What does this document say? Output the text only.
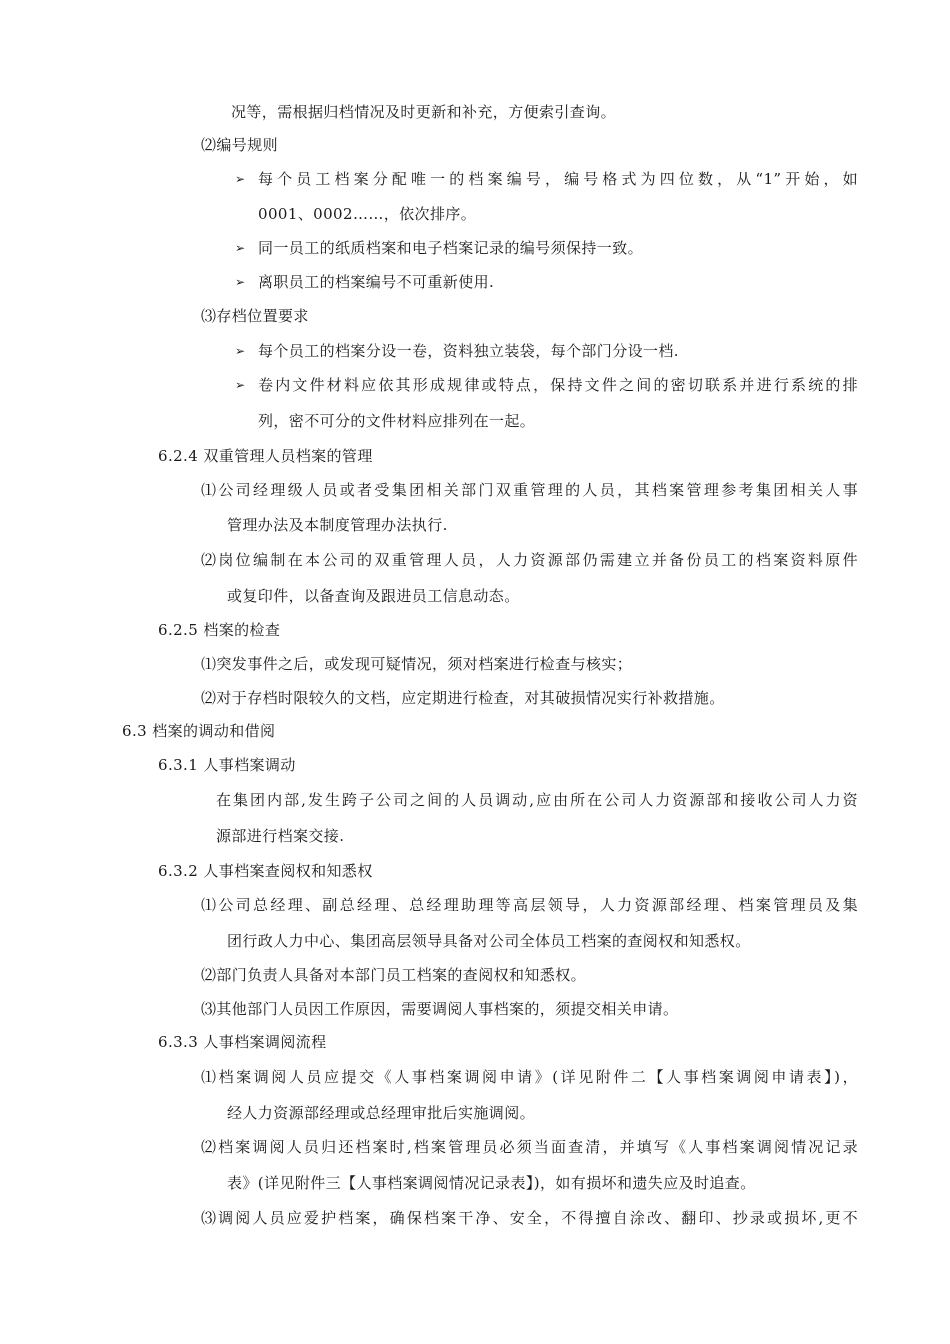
况等，需根据归档情况及时更新和补充，方便索引查询。
⑵编号规则
➢ 每个员工档案分配唯一的档案编号，编号格式为四位数，从“1”开始，如
0001、0002……，依次排序。
➢ 同一员工的纸质档案和电子档案记录的编号须保持一致。
➢ 离职员工的档案编号不可重新使用.
⑶存档位置要求
➢ 每个员工的档案分设一卷，资料独立装袋，每个部门分设一档.
➢ 卷内文件材料应依其形成规律或特点，保持文件之间的密切联系并进行系统的排
列，密不可分的文件材料应排列在一起。
6.2.4 双重管理人员档案的管理
⑴公司经理级人员或者受集团相关部门双重管理的人员，其档案管理参考集团相关人事
管理办法及本制度管理办法执行.
⑵岗位编制在本公司的双重管理人员，人力资源部仍需建立并备份员工的档案资料原件
或复印件，以备查询及跟进员工信息动态。
6.2.5 档案的检查
⑴突发事件之后，或发现可疑情况，须对档案进行检查与核实；
⑵对于存档时限较久的文档，应定期进行检查，对其破损情况实行补救措施。
6.3 档案的调动和借阅
6.3.1 人事档案调动
在集团内部,发生跨子公司之间的人员调动,应由所在公司人力资源部和接收公司人力资
源部进行档案交接.
6.3.2 人事档案查阅权和知悉权
⑴公司总经理、副总经理、总经理助理等高层领导，人力资源部经理、档案管理员及集
团行政人力中心、集团高层领导具备对公司全体员工档案的查阅权和知悉权。
⑵部门负责人具备对本部门员工档案的查阅权和知悉权。
⑶其他部门人员因工作原因，需要调阅人事档案的，须提交相关申请。
6.3.3 人事档案调阅流程
⑴档案调阅人员应提交《人事档案调阅申请》(详见附件二【人事档案调阅申请表】)，
经人力资源部经理或总经理审批后实施调阅。
⑵档案调阅人员归还档案时,档案管理员必须当面查清，并填写《人事档案调阅情况记录
表》(详见附件三【人事档案调阅情况记录表】)，如有损坏和遗失应及时追查。
⑶调阅人员应爱护档案，确保档案干净、安全，不得擅自涂改、翻印、抄录或损坏,更不
